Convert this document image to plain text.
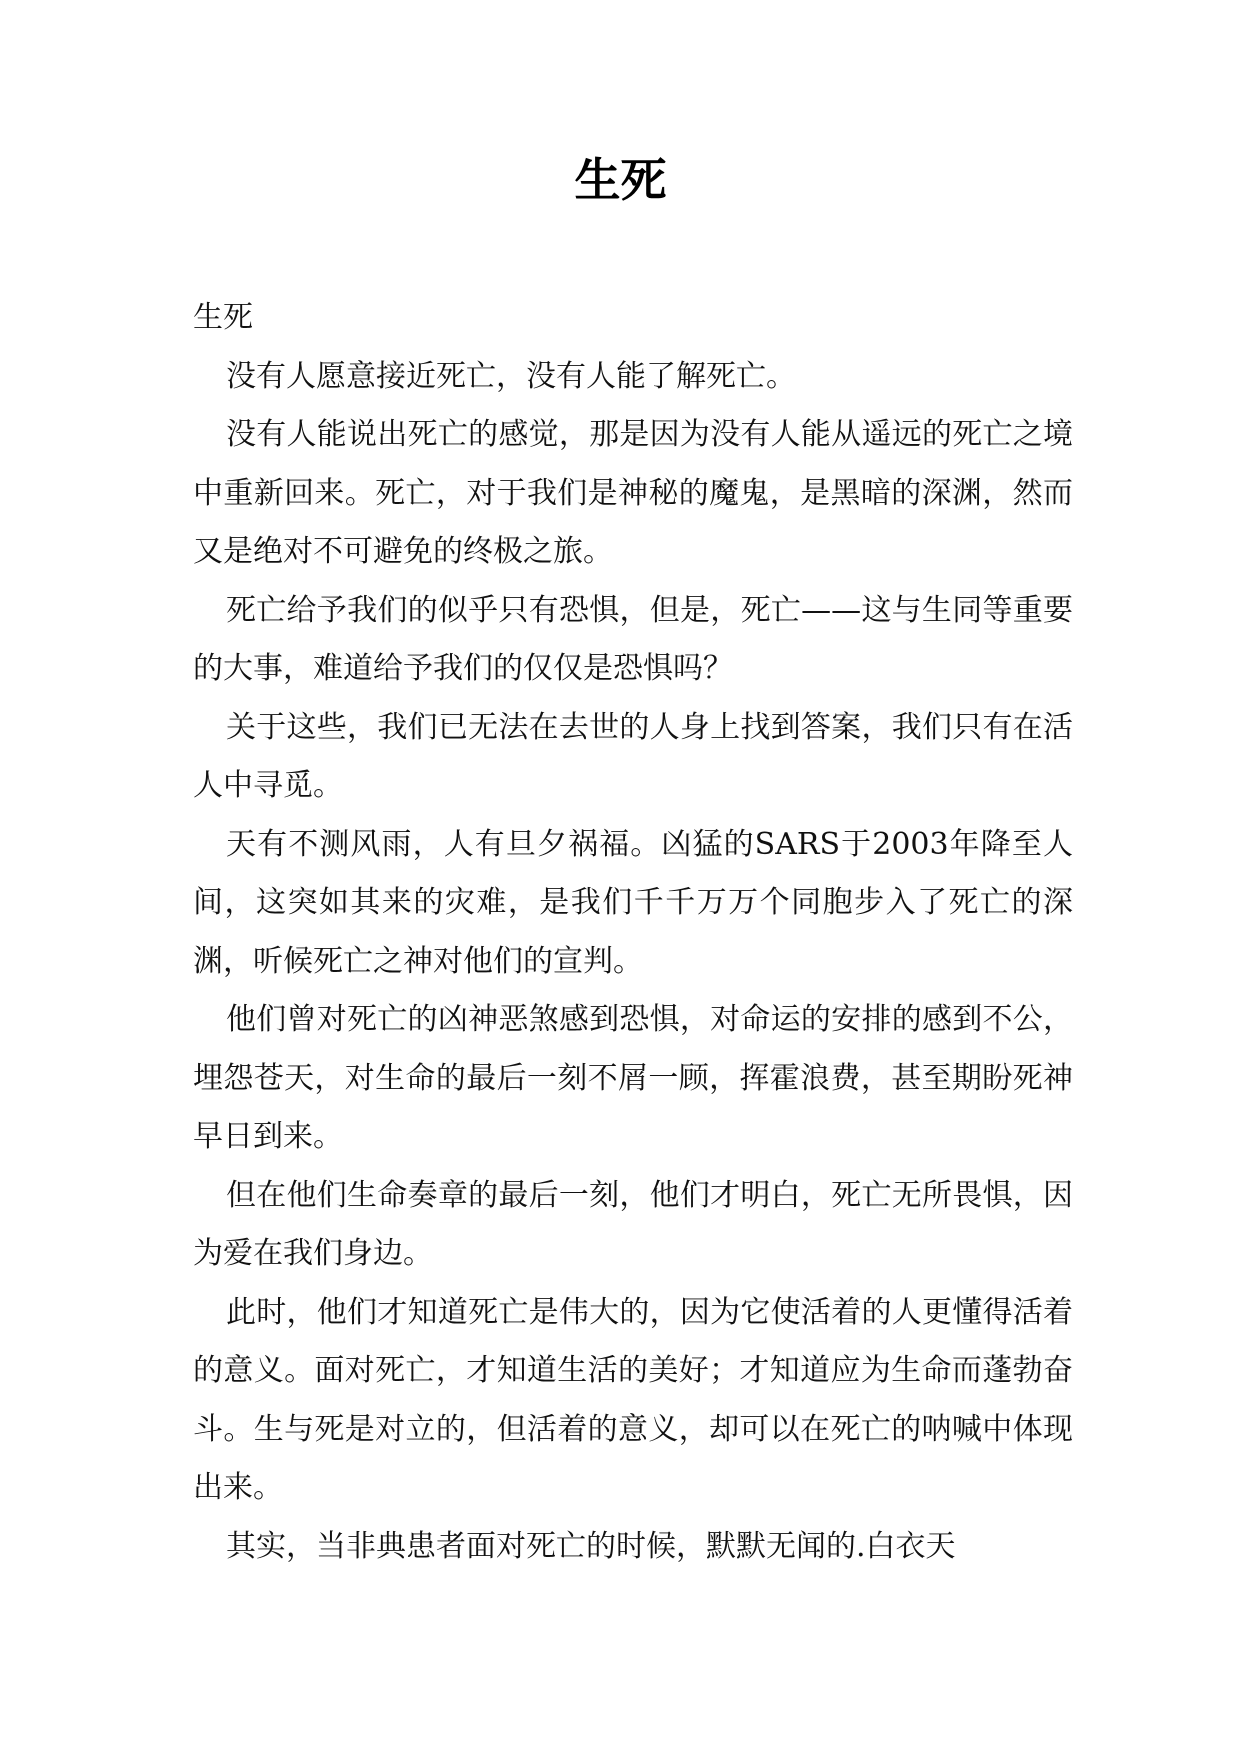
生死

生死

没有人愿意接近死亡，没有人能了解死亡。

没有人能说出死亡的感觉，那是因为没有人能从遥远的死亡之境中重新回来。死亡，对于我们是神秘的魔鬼，是黑暗的深渊，然而又是绝对不可避免的终极之旅。

死亡给予我们的似乎只有恐惧，但是，死亡——这与生同等重要的大事，难道给予我们的仅仅是恐惧吗？

关于这些，我们已无法在去世的人身上找到答案，我们只有在活人中寻觅。

天有不测风雨，人有旦夕祸福。凶猛的SARS于2003年降至人间，这突如其来的灾难，是我们千千万万个同胞步入了死亡的深渊，听候死亡之神对他们的宣判。

他们曾对死亡的凶神恶煞感到恐惧，对命运的安排的感到不公，埋怨苍天，对生命的最后一刻不屑一顾，挥霍浪费，甚至期盼死神早日到来。

但在他们生命奏章的最后一刻，他们才明白，死亡无所畏惧，因为爱在我们身边。

此时，他们才知道死亡是伟大的，因为它使活着的人更懂得活着的意义。面对死亡，才知道生活的美好；才知道应为生命而蓬勃奋斗。生与死是对立的，但活着的意义，却可以在死亡的呐喊中体现出来。

其实，当非典患者面对死亡的时候，默默无闻的.白衣天
